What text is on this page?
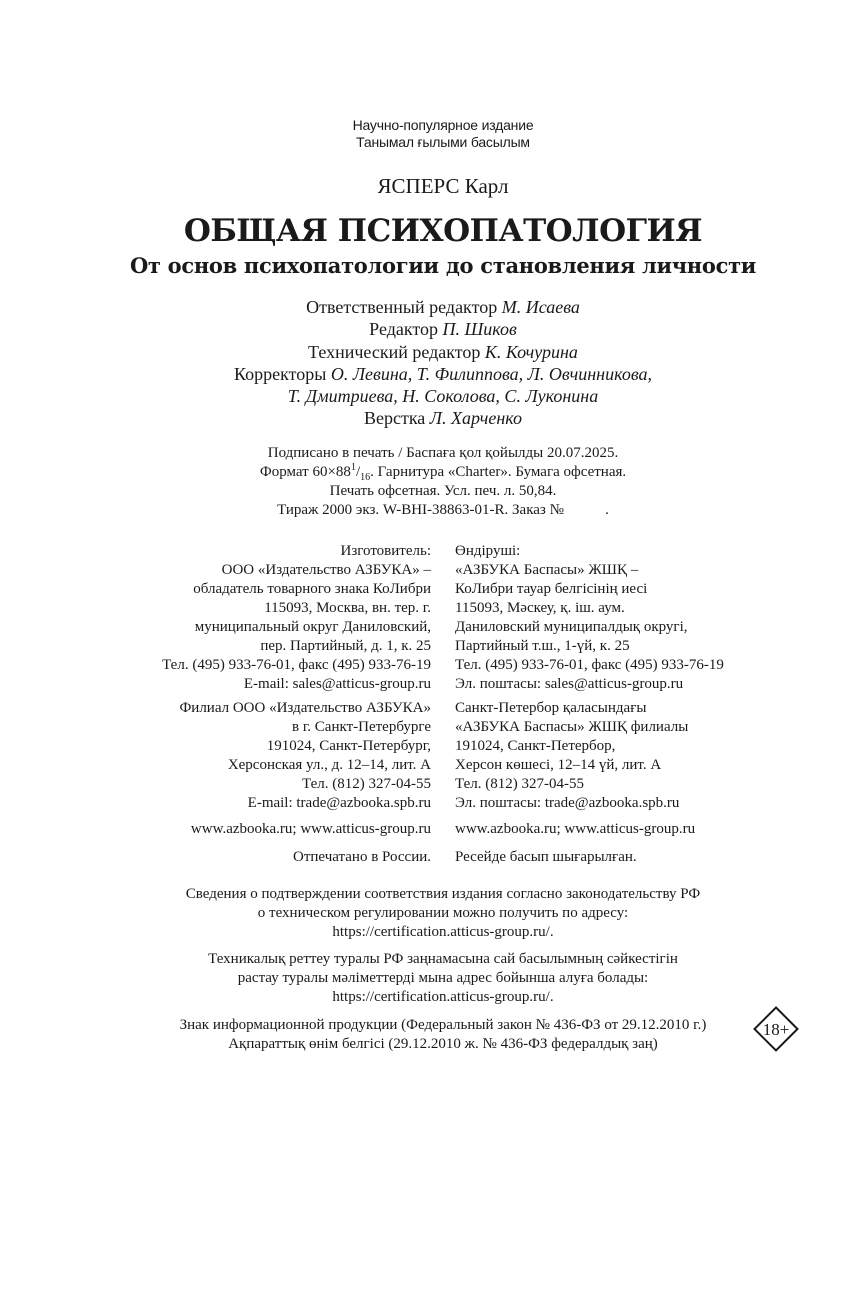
Научно-популярное издание
Танымал ғылыми басылым
ЯСПЕРС Карл
ОБЩАЯ ПСИХОПАТОЛОГИЯ
От основ психопатологии до становления личности
Ответственный редактор М. Исаева
Редактор П. Шиков
Технический редактор К. Кочурина
Корректоры О. Левина, Т. Филиппова, Л. Овчинникова,
Т. Дмитриева, Н. Соколова, С. Луконина
Верстка Л. Харченко
Подписано в печать / Баспаға қол қойылды 20.07.2025.
Формат $60\times 88^1/_{16}$. Гарнитура «Charter». Бумага офсетная.
Печать офсетная. Усл. печ. л. 50,84.
Тираж 2000 экз. W-BHI-38863-01-R. Заказ №           .
Изготовитель:
ООО «Издательство АЗБУКА» –
обладатель товарного знака КоЛибри
115093, Москва, вн. тер. г.
муниципальный округ Даниловский,
пер. Партийный, д. 1, к. 25
Тел. (495) 933-76-01, факс (495) 933-76-19
E-mail: sales@atticus-group.ru
Өндіруші:
«АЗБУКА Баспасы» ЖШҚ –
КоЛибри тауар белгісінің иесі
115093, Мәскеу, қ. іш. аум.
Даниловский муниципалдық округі,
Партийный т.ш., 1-үй, к. 25
Тел. (495) 933-76-01, факс (495) 933-76-19
Эл. поштасы: sales@atticus-group.ru
Филиал ООО «Издательство АЗБУКА»
в г. Санкт-Петербурге
191024, Санкт-Петербург,
Херсонская ул., д. 12–14, лит. А
Тел. (812) 327-04-55
E-mail: trade@azbooka.spb.ru
Санкт-Петербор қаласындағы
«АЗБУКА Баспасы» ЖШҚ филиалы
191024, Санкт-Петербор,
Херсон көшесі, 12–14 үй, лит. А
Тел. (812) 327-04-55
Эл. поштасы: trade@azbooka.spb.ru
www.azbooka.ru; www.atticus-group.ru www.azbooka.ru; www.atticus-group.ru
Отпечатано в России. Ресейде басып шығарылған.
Сведения о подтверждении соответствия издания согласно законодательству РФ
о техническом регулировании можно получить по адресу:
https://certification.atticus-group.ru/.
Техникалық реттеу туралы РФ заңнамасына сай басылымның сәйкестігін
растау туралы мәліметтерді мына адрес бойынша алуға болады:
https://certification.atticus-group.ru/.
Знак информационной продукции (Федеральный закон № 436-ФЗ от 29.12.2010 г.)
Ақпараттық өнім белгісі (29.12.2010 ж. № 436-ФЗ федералдық заң)
18+
